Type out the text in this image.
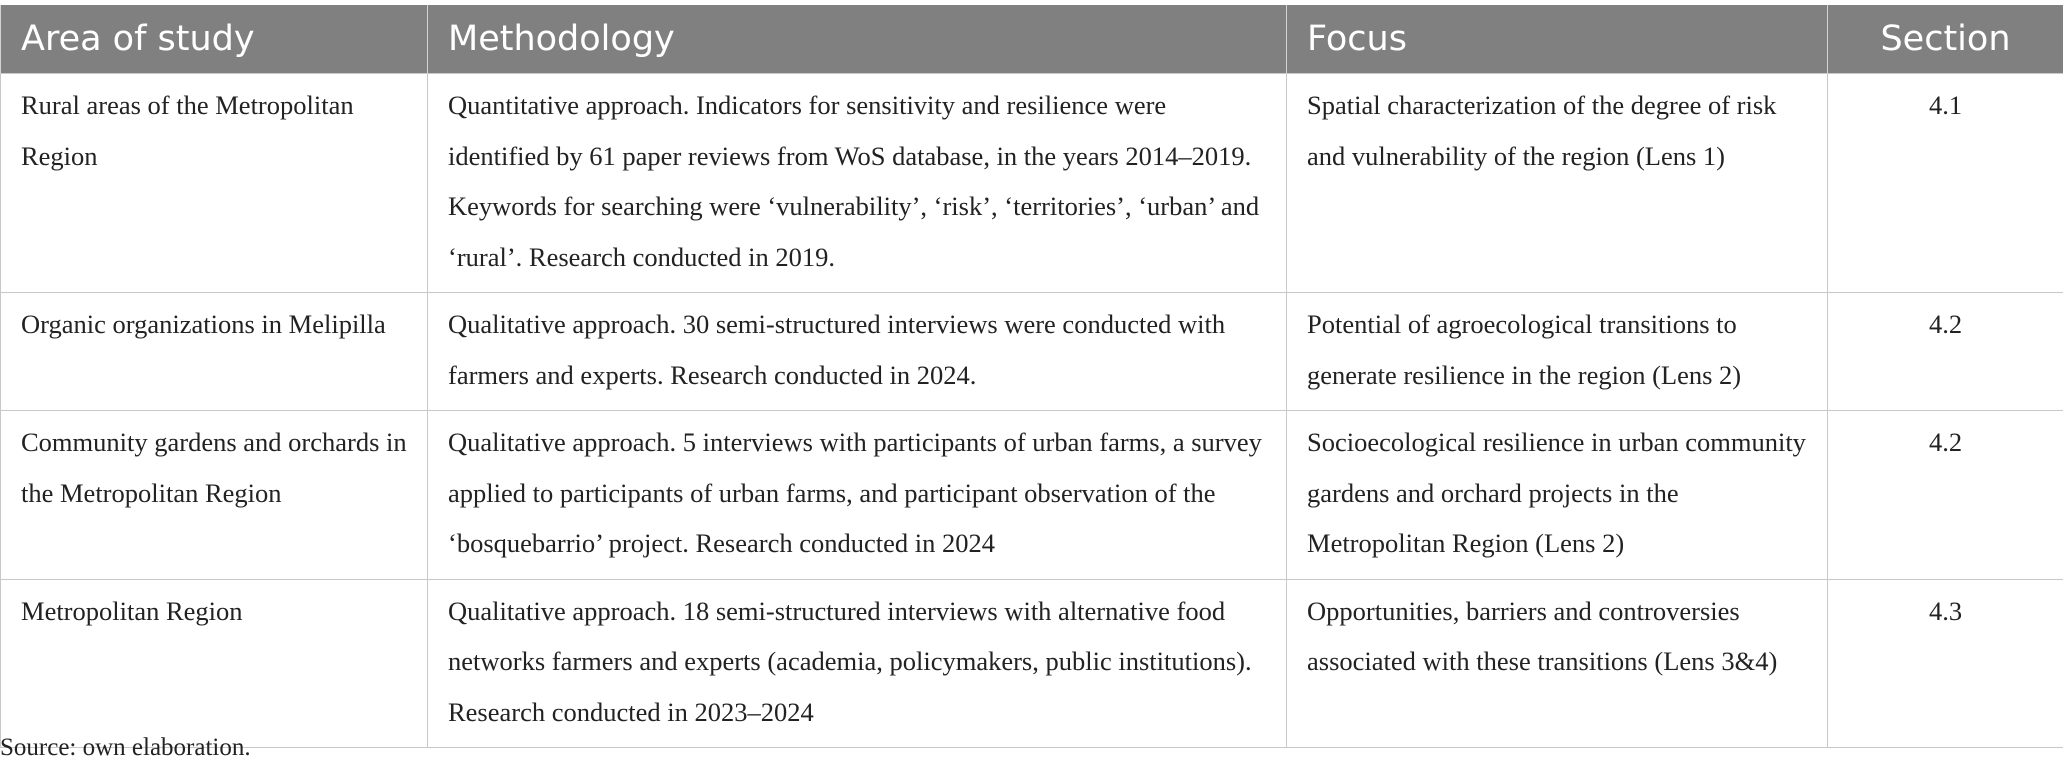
Area of study	Methodology	Focus	Section
Rural areas of the Metropolitan Region	Quantitative approach. Indicators for sensitivity and resilience were identified by 61 paper reviews from WoS database, in the years 2014–2019. Keywords for searching were ‘vulnerability’, ‘risk’, ‘territories’, ‘urban’ and ‘rural’. Research conducted in 2019.	Spatial characterization of the degree of risk and vulnerability of the region (Lens 1)	4.1
Organic organizations in Melipilla	Qualitative approach. 30 semi-structured interviews were conducted with farmers and experts. Research conducted in 2024.	Potential of agroecological transitions to generate resilience in the region (Lens 2)	4.2
Community gardens and orchards in the Metropolitan Region	Qualitative approach. 5 interviews with participants of urban farms, a survey applied to participants of urban farms, and participant observation of the ‘bosquebarrio’ project. Research conducted in 2024	Socioecological resilience in urban community gardens and orchard projects in the Metropolitan Region (Lens 2)	4.2
Metropolitan Region	Qualitative approach. 18 semi-structured interviews with alternative food networks farmers and experts (academia, policymakers, public institutions). Research conducted in 2023–2024	Opportunities, barriers and controversies associated with these transitions (Lens 3&4)	4.3
Source: own elaboration.
